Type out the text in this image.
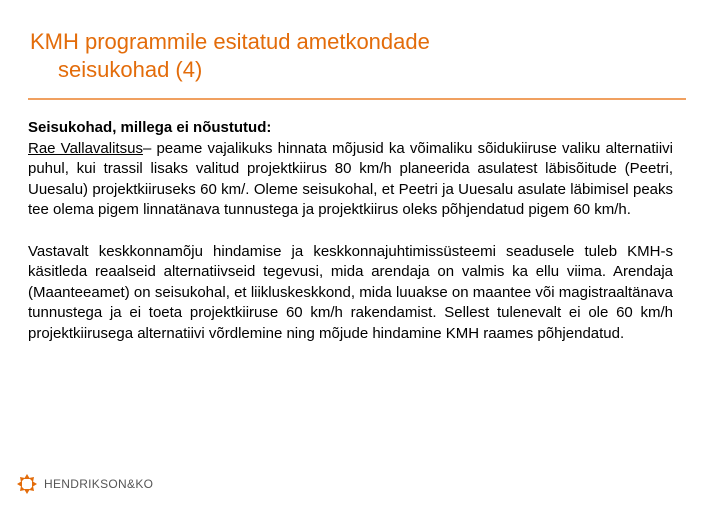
KMH programmile esitatud ametkondade
seisukohad (4)

Seisukohad, millega ei nõustutud:

Rae Vallavalitsus– peame vajalikuks hinnata mõjusid ka võimaliku sõidukiiruse valiku alternatiivi puhul, kui trassil lisaks valitud projektkiirus 80 km/h planeerida asulatest läbisõitude (Peetri, Uuesalu) projektkiiruseks 60 km/. Oleme seisukohal, et Peetri ja Uuesalu asulate läbimisel peaks tee olema pigem linnatänava tunnustega ja projektkiirus oleks põhjendatud pigem 60 km/h.

Vastavalt keskkonnamõju hindamise ja keskkonnajuhtimissüsteemi seadusele tuleb KMH-s käsitleda reaalseid alternatiivseid tegevusi, mida arendaja on valmis ka ellu viima. Arendaja (Maanteeamet) on seisukohal, et liikluskeskkond, mida luuakse on maantee või magistraaltänava tunnustega ja ei toeta projektkiiruse 60 km/h rakendamist. Sellest tulenevalt ei ole 60 km/h projektkiirusega alternatiivi võrdlemine ning mõjude hindamine KMH raames põhjendatud.

HENDRIKSON&KO
